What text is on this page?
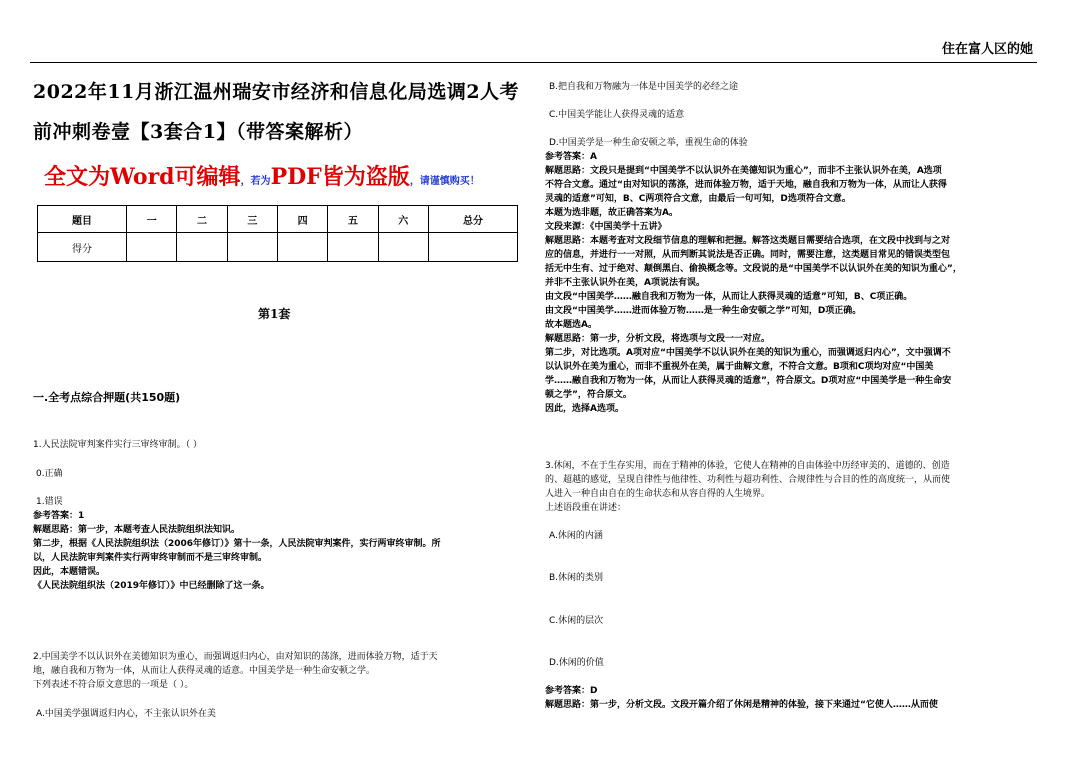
住在富人区的她
2022年11月浙江温州瑞安市经济和信息化局选调2人考前冲刺卷壹【3套合1】（带答案解析）
全文为Word可编辑，若为PDF皆为盗版，请谨慎购买！
题目	一	二	三	四	五	六	总分
得分							
第1套
一.全考点综合押题(共150题)
1.人民法院审判案件实行三审终审制。（ ）
0.正确
1.错误
参考答案：1
解题思路：第一步，本题考查人民法院组织法知识。
第二步，根据《人民法院组织法（2006年修订）》第十一条，人民法院审判案件，实行两审终审制。所
以，人民法院审判案件实行两审终审制而不是三审终审制。
因此，本题错误。
《人民法院组织法（2019年修订）》中已经删除了这一条。
2.中国美学不以认识外在美德知识为重心，而强调返归内心，由对知识的荡涤，进而体验万物，适于天
地，融自我和万物为一体，从而让人获得灵魂的适意。中国美学是一种生命安顿之学。
下列表述不符合原文意思的一项是（ ）。
A.中国美学强调返归内心，不主张认识外在美
B.把自我和万物融为一体是中国美学的必经之途
C.中国美学能让人获得灵魂的适意
D.中国美学是一种生命安顿之举，重视生命的体验
参考答案：A
解题思路：文段只是提到“中国美学不以认识外在美德知识为重心”，而非不主张认识外在美，A选项
不符合文意。通过“由对知识的荡涤，进而体验万物，适于天地，融自我和万物为一体，从而让人获得
灵魂的适意”可知，B、C两项符合文意，由最后一句可知，D选项符合文意。
本题为选非题，故正确答案为A。
文段来源：《中国美学十五讲》
解题思路：本题考查对文段细节信息的理解和把握。解答这类题目需要结合选项，在文段中找到与之对
应的信息，并进行一一对照，从而判断其说法是否正确。同时，需要注意，这类题目常见的错误类型包
括无中生有、过于绝对、颠倒黑白、偷换概念等。文段说的是“中国美学不以认识外在美的知识为重心”，
并非不主张认识外在美，A项说法有误。
由文段“中国美学……融自我和万物为一体，从而让人获得灵魂的适意”可知，B、C项正确。
由文段“中国美学……进而体验万物……是一种生命安顿之学”可知，D项正确。
故本题选A。
解题思路：第一步，分析文段，将选项与文段一一对应。
第二步，对比选项。A项对应“中国美学不以认识外在美的知识为重心，而强调返归内心”，文中强调不
以认识外在美为重心，而非不重视外在美，属于曲解文意，不符合文意。B项和C项均对应“中国美
学……融自我和万物为一体，从而让人获得灵魂的适意”，符合原文。D项对应“中国美学是一种生命安
顿之学”，符合原文。
因此，选择A选项。
3.休闲，不在于生存实用，而在于精神的体验，它使人在精神的自由体验中历经审美的、道德的、创造
的、超越的感觉，呈现自律性与他律性、功利性与超功利性、合规律性与合目的性的高度统一，从而使
人进入一种自由自在的生命状态和从容自得的人生境界。
上述语段重在讲述：
A.休闲的内涵
B.休闲的类别
C.休闲的层次
D.休闲的价值
参考答案：D
解题思路：第一步，分析文段。文段开篇介绍了休闲是精神的体验，接下来通过“它使人……从而使
